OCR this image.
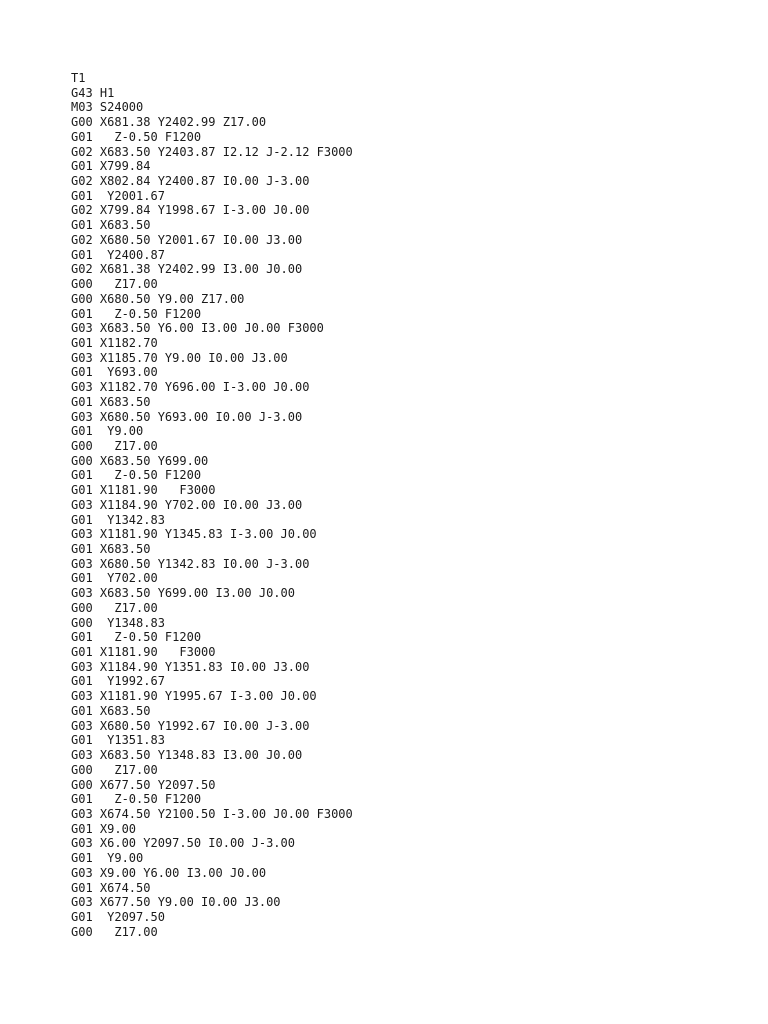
T1
G43 H1
M03 S24000
G00 X681.38 Y2402.99 Z17.00
G01   Z-0.50 F1200
G02 X683.50 Y2403.87 I2.12 J-2.12 F3000
G01 X799.84
G02 X802.84 Y2400.87 I0.00 J-3.00
G01  Y2001.67
G02 X799.84 Y1998.67 I-3.00 J0.00
G01 X683.50
G02 X680.50 Y2001.67 I0.00 J3.00
G01  Y2400.87
G02 X681.38 Y2402.99 I3.00 J0.00
G00   Z17.00
G00 X680.50 Y9.00 Z17.00
G01   Z-0.50 F1200
G03 X683.50 Y6.00 I3.00 J0.00 F3000
G01 X1182.70
G03 X1185.70 Y9.00 I0.00 J3.00
G01  Y693.00
G03 X1182.70 Y696.00 I-3.00 J0.00
G01 X683.50
G03 X680.50 Y693.00 I0.00 J-3.00
G01  Y9.00
G00   Z17.00
G00 X683.50 Y699.00
G01   Z-0.50 F1200
G01 X1181.90   F3000
G03 X1184.90 Y702.00 I0.00 J3.00
G01  Y1342.83
G03 X1181.90 Y1345.83 I-3.00 J0.00
G01 X683.50
G03 X680.50 Y1342.83 I0.00 J-3.00
G01  Y702.00
G03 X683.50 Y699.00 I3.00 J0.00
G00   Z17.00
G00  Y1348.83
G01   Z-0.50 F1200
G01 X1181.90   F3000
G03 X1184.90 Y1351.83 I0.00 J3.00
G01  Y1992.67
G03 X1181.90 Y1995.67 I-3.00 J0.00
G01 X683.50
G03 X680.50 Y1992.67 I0.00 J-3.00
G01  Y1351.83
G03 X683.50 Y1348.83 I3.00 J0.00
G00   Z17.00
G00 X677.50 Y2097.50
G01   Z-0.50 F1200
G03 X674.50 Y2100.50 I-3.00 J0.00 F3000
G01 X9.00
G03 X6.00 Y2097.50 I0.00 J-3.00
G01  Y9.00
G03 X9.00 Y6.00 I3.00 J0.00
G01 X674.50
G03 X677.50 Y9.00 I0.00 J3.00
G01  Y2097.50
G00   Z17.00
